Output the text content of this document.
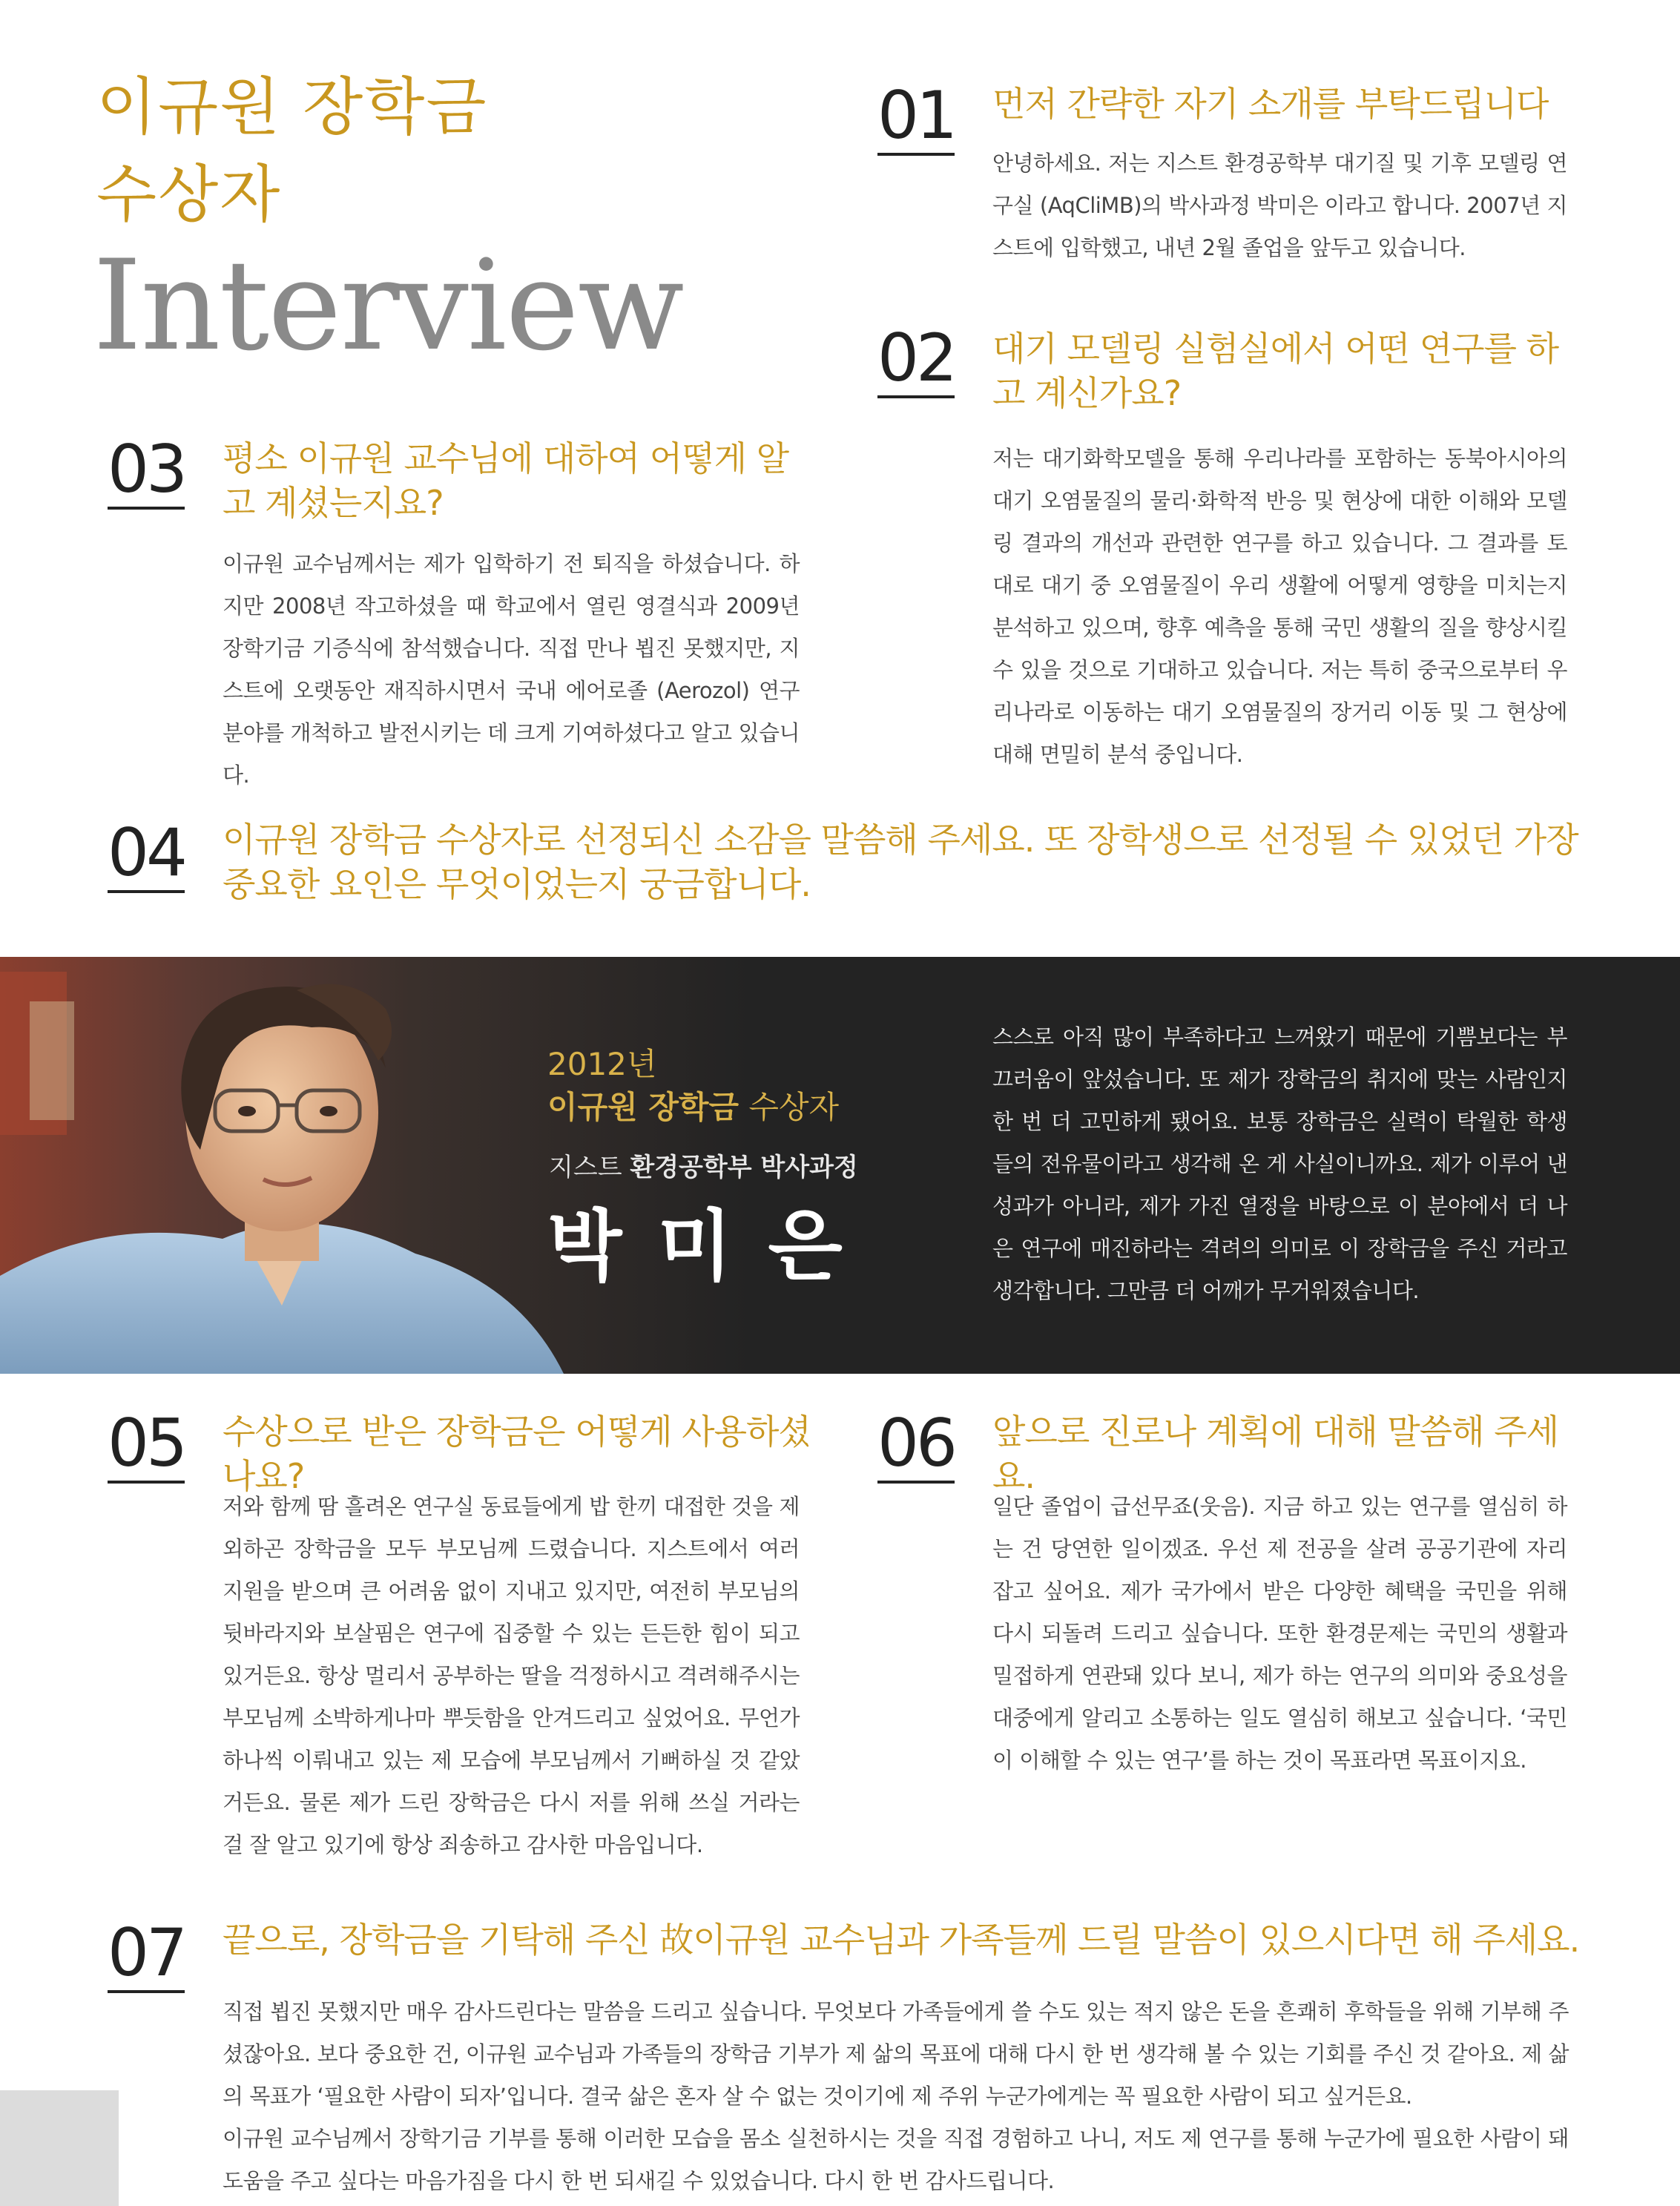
이규원 장학금
수상자
Interview
01 먼저 간략한 자기 소개를 부탁드립니다
안녕하세요. 저는 지스트 환경공학부 대기질 및 기후 모델링 연구실 (AqCliMB)의 박사과정 박미은 이라고 합니다. 2007년 지스트에 입학했고, 내년 2월 졸업을 앞두고 있습니다.
02 대기 모델링 실험실에서 어떤 연구를 하고 계신가요?
저는 대기화학모델을 통해 우리나라를 포함하는 동북아시아의 대기 오염물질의 물리·화학적 반응 및 현상에 대한 이해와 모델링 결과의 개선과 관련한 연구를 하고 있습니다. 그 결과를 토대로 대기 중 오염물질이 우리 생활에 어떻게 영향을 미치는지 분석하고 있으며, 향후 예측을 통해 국민 생활의 질을 향상시킬 수 있을 것으로 기대하고 있습니다. 저는 특히 중국으로부터 우리나라로 이동하는 대기 오염물질의 장거리 이동 및 그 현상에 대해 면밀히 분석 중입니다.
03 평소 이규원 교수님에 대하여 어떻게 알고 계셨는지요?
이규원 교수님께서는 제가 입학하기 전 퇴직을 하셨습니다. 하지만 2008년 작고하셨을 때 학교에서 열린 영결식과 2009년 장학기금 기증식에 참석했습니다. 직접 만나 뵙진 못했지만, 지스트에 오랫동안 재직하시면서 국내 에어로졸 (Aerozol) 연구 분야를 개척하고 발전시키는 데 크게 기여하셨다고 알고 있습니다.
04 이규원 장학금 수상자로 선정되신 소감을 말씀해 주세요. 또 장학생으로 선정될 수 있었던 가장 중요한 요인은 무엇이었는지 궁금합니다.
2012년
이규원 장학금 수상자
지스트 환경공학부 박사과정
박 미 은
스스로 아직 많이 부족하다고 느껴왔기 때문에 기쁨보다는 부끄러움이 앞섰습니다. 또 제가 장학금의 취지에 맞는 사람인지 한 번 더 고민하게 됐어요. 보통 장학금은 실력이 탁월한 학생들의 전유물이라고 생각해 온 게 사실이니까요. 제가 이루어 낸 성과가 아니라, 제가 가진 열정을 바탕으로 이 분야에서 더 나은 연구에 매진하라는 격려의 의미로 이 장학금을 주신 거라고 생각합니다. 그만큼 더 어깨가 무거워졌습니다.
05 수상으로 받은 장학금은 어떻게 사용하셨나요?
저와 함께 땀 흘려온 연구실 동료들에게 밥 한끼 대접한 것을 제외하곤 장학금을 모두 부모님께 드렸습니다. 지스트에서 여러 지원을 받으며 큰 어려움 없이 지내고 있지만, 여전히 부모님의 뒷바라지와 보살핌은 연구에 집중할 수 있는 든든한 힘이 되고 있거든요. 항상 멀리서 공부하는 딸을 걱정하시고 격려해주시는 부모님께 소박하게나마 뿌듯함을 안겨드리고 싶었어요. 무언가 하나씩 이뤄내고 있는 제 모습에 부모님께서 기뻐하실 것 같았거든요. 물론 제가 드린 장학금은 다시 저를 위해 쓰실 거라는 걸 잘 알고 있기에 항상 죄송하고 감사한 마음입니다.
06 앞으로 진로나 계획에 대해 말씀해 주세요.
일단 졸업이 급선무죠(웃음). 지금 하고 있는 연구를 열심히 하는 건 당연한 일이겠죠. 우선 제 전공을 살려 공공기관에 자리 잡고 싶어요. 제가 국가에서 받은 다양한 혜택을 국민을 위해 다시 되돌려 드리고 싶습니다. 또한 환경문제는 국민의 생활과 밀접하게 연관돼 있다 보니, 제가 하는 연구의 의미와 중요성을 대중에게 알리고 소통하는 일도 열심히 해보고 싶습니다. ‘국민이 이해할 수 있는 연구’를 하는 것이 목표라면 목표이지요.
07 끝으로, 장학금을 기탁해 주신 故이규원 교수님과 가족들께 드릴 말씀이 있으시다면 해 주세요.
직접 뵙진 못했지만 매우 감사드린다는 말씀을 드리고 싶습니다. 무엇보다 가족들에게 쓸 수도 있는 적지 않은 돈을 흔쾌히 후학들을 위해 기부해 주셨잖아요. 보다 중요한 건, 이규원 교수님과 가족들의 장학금 기부가 제 삶의 목표에 대해 다시 한 번 생각해 볼 수 있는 기회를 주신 것 같아요. 제 삶의 목표가 ‘필요한 사람이 되자’입니다. 결국 삶은 혼자 살 수 없는 것이기에 제 주위 누군가에게는 꼭 필요한 사람이 되고 싶거든요.
이규원 교수님께서 장학기금 기부를 통해 이러한 모습을 몸소 실천하시는 것을 직접 경험하고 나니, 저도 제 연구를 통해 누군가에 필요한 사람이 돼 도움을 주고 싶다는 마음가짐을 다시 한 번 되새길 수 있었습니다. 다시 한 번 감사드립니다.
